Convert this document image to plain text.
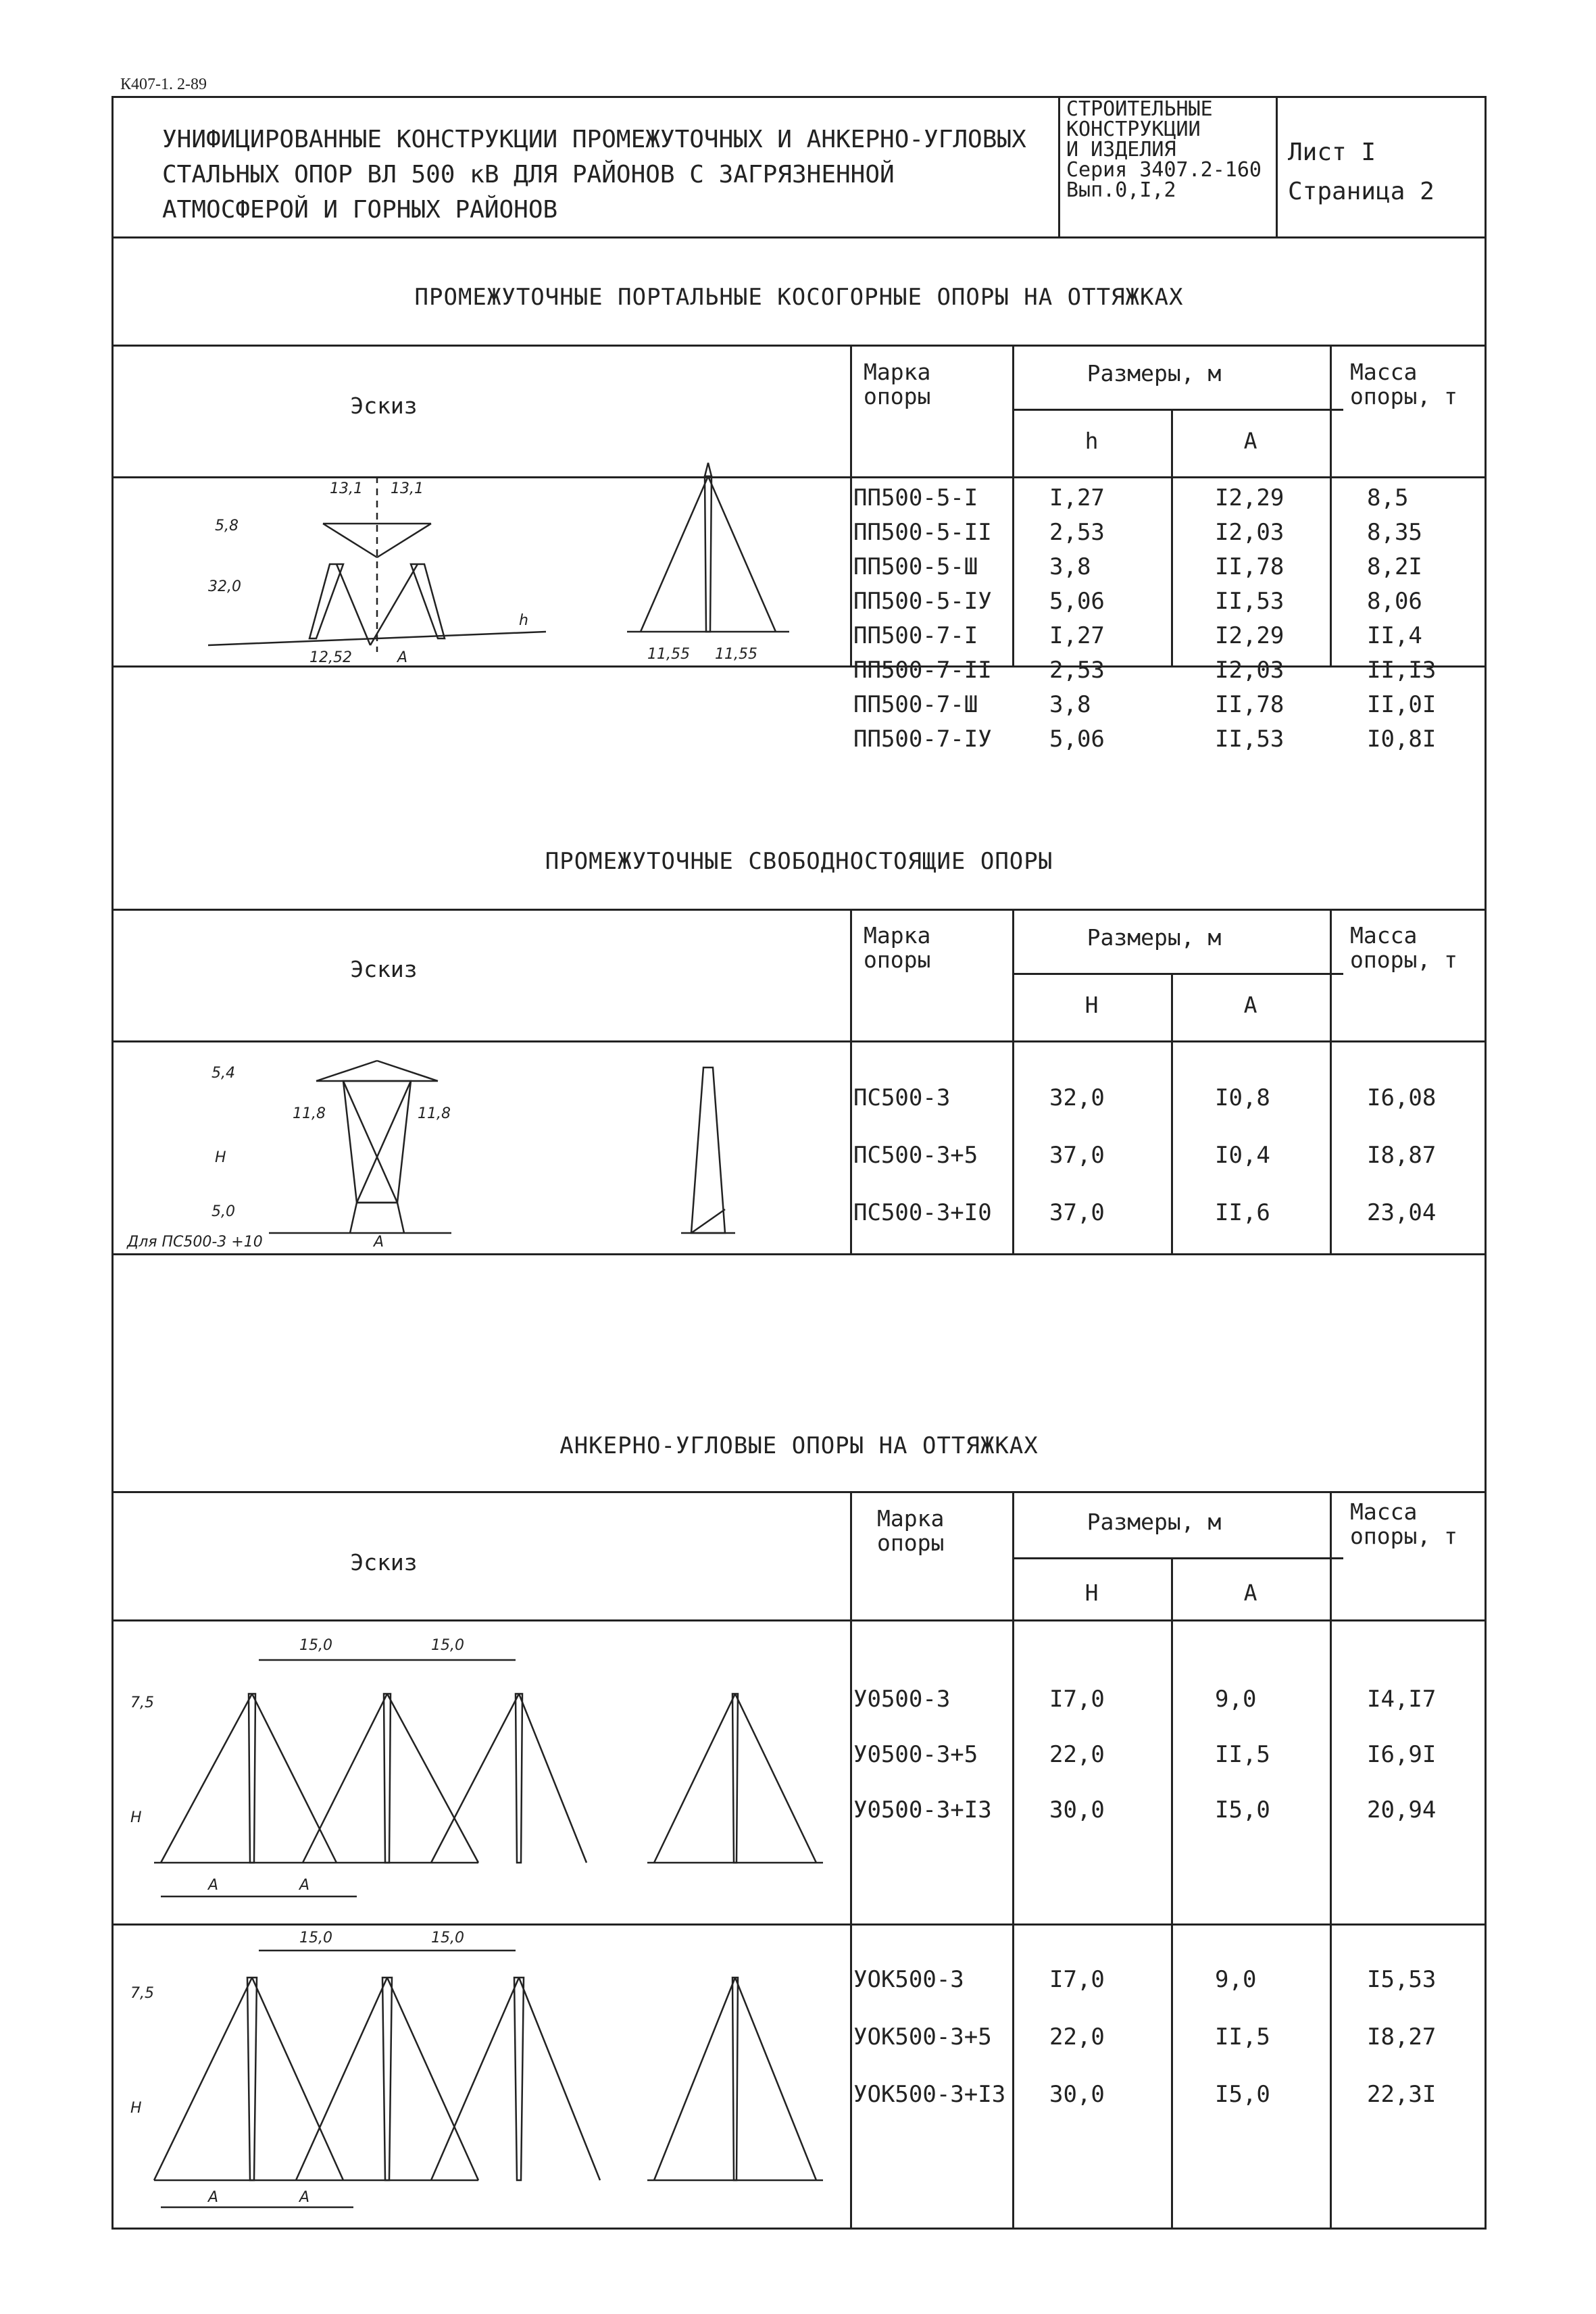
К407-1. 2-89
УНИФИЦИРОВАННЫЕ КОНСТРУКЦИИ ПРОМЕЖУТОЧНЫХ И АНКЕРНО-УГЛОВЫХ
СТАЛЬНЫХ ОПОР ВЛ 500 кВ ДЛЯ РАЙОНОВ С ЗАГРЯЗНЕННОЙ
АТМОСФЕРОЙ И ГОРНЫХ РАЙОНОВ
СТРОИТЕЛЬНЫЕ
КОНСТРУКЦИИ
И ИЗДЕЛИЯ
Серия 3407.2-160
Вып.0,I,2
Лист I
Страница 2
ПРОМЕЖУТОЧНЫЕ ПОРТАЛЬНЫЕ КОСОГОРНЫЕ ОПОРЫ НА ОТТЯЖКАХ
Эскиз
Марка опоры
Размеры, м	Массa опоры, т
h	А
ПП500-5-I	I,27	I2,29	8,5
ПП500-5-II	2,53	I2,03	8,35
ПП500-5-Ш	3,8	II,78	8,2I
ПП500-5-IУ	5,06	II,53	8,06
ПП500-7-I	I,27	I2,29	II,4
ПП500-7-II	2,53	I2,03	II,I3
ПП500-7-Ш	3,8	II,78	II,0I
ПП500-7-IУ	5,06	II,53	I0,8I
13,1 13,1
5,8
32,0
h
12,52	А	11,55 11,55
ПРОМЕЖУТОЧНЫЕ СВОБОДНОСТОЯЩИЕ ОПОРЫ
Эскиз
Марка опоры
Размеры, м	Массa опоры, т
Н	А
ПС500-3	32,0	I0,8	I6,08
ПС500-3+5	37,0	I0,4	I8,87
ПС500-3+I0	37,0	II,6	23,04
5,4
11,8	11,8
Н
5,0
Для ПС500-3 +10	А
АНКЕРНО-УГЛОВЫЕ ОПОРЫ НА ОТТЯЖКАХ
Эскиз
Марка опоры
Размеры, м	Массa опоры, т
Н	А
У0500-3	I7,0	9,0	I4,I7
У0500-3+5	22,0	II,5	I6,9I
У0500-3+I3	30,0	I5,0	20,94
УОК500-3	I7,0	9,0	I5,53
УОК500-3+5	22,0	II,5	I8,27
УОК500-3+I3 30,0	I5,0	22,3I
15,0	15,0
7,5
Н
А	А
15,0	15,0
7,5
Н
А	А
